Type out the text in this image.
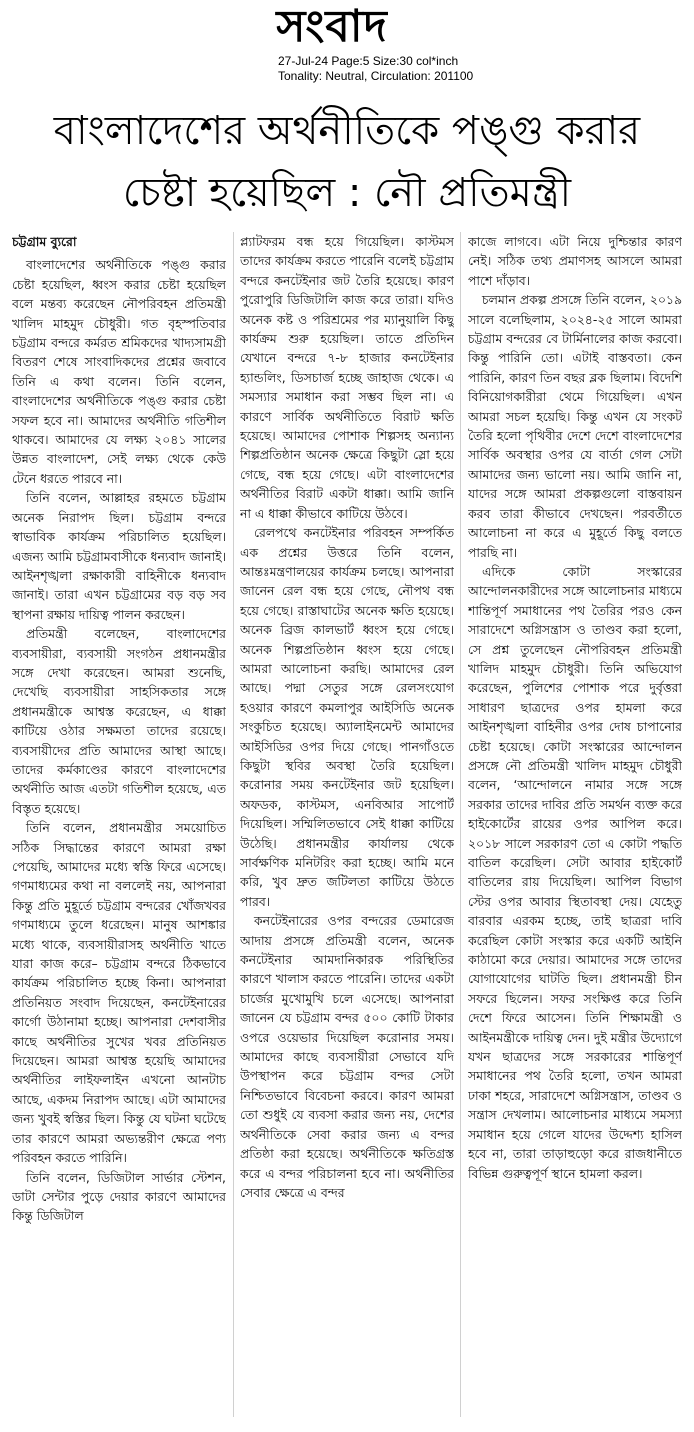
সংবাদ
27-Jul-24 Page:5 Size:30 col*inch
Tonality: Neutral, Circulation: 201100
বাংলাদেশের অর্থনীতিকে পঙ্গু করার
চেষ্টা হয়েছিল : নৌ প্রতিমন্ত্রী

চট্টগ্রাম ব্যুরো

বাংলাদেশের অর্থনীতিকে পঙ্গু করার চেষ্টা হয়েছিল, ধ্বংস করার চেষ্টা হয়েছিল বলে মন্তব্য করেছেন নৌপরিবহন প্রতিমন্ত্রী খালিদ মাহমুদ চৌধুরী। গত বৃহস্পতিবার চট্টগ্রাম বন্দরে কর্মরত শ্রমিকদের খাদ্যসামগ্রী বিতরণ শেষে সাংবাদিকদের প্রশ্নের জবাবে তিনি এ কথা বলেন। তিনি বলেন, বাংলাদেশের অর্থনীতিকে পঙ্গু করার চেষ্টা সফল হবে না। আমাদের অর্থনীতি গতিশীল থাকবে। আমাদের যে লক্ষ্য ২০৪১ সালের উন্নত বাংলাদেশ, সেই লক্ষ্য থেকে কেউ টেনে ধরতে পারবে না।

তিনি বলেন, আল্লাহর রহমতে চট্টগ্রাম অনেক নিরাপদ ছিল। চট্টগ্রাম বন্দরে স্বাভাবিক কার্যক্রম পরিচালিত হয়েছিল। এজন্য আমি চট্টগ্রামবাসীকে ধন্যবাদ জানাই। আইনশৃঙ্খলা রক্ষাকারী বাহিনীকে ধন্যবাদ জানাই। তারা এখন চট্টগ্রামের বড় বড় সব স্থাপনা রক্ষায় দায়িত্ব পালন করছেন।

প্রতিমন্ত্রী বলেছেন, বাংলাদেশের ব্যবসায়ীরা, ব্যবসায়ী সংগঠন প্রধানমন্ত্রীর সঙ্গে দেখা করেছেন। আমরা শুনেছি, দেখেছি ব্যবসায়ীরা সাহসিকতার সঙ্গে প্রধানমন্ত্রীকে আশ্বস্ত করেছেন, এ ধাক্কা কাটিয়ে ওঠার সক্ষমতা তাদের রয়েছে। ব্যবসায়ীদের প্রতি আমাদের আস্থা আছে। তাদের কর্মকাণ্ডের কারণে বাংলাদেশের অর্থনীতি আজ এতটা গতিশীল হয়েছে, এত বিস্তৃত হয়েছে।

তিনি বলেন, প্রধানমন্ত্রীর সময়োচিত সঠিক সিদ্ধান্তের কারণে আমরা রক্ষা পেয়েছি, আমাদের মধ্যে স্বস্তি ফিরে এসেছে। গণমাধ্যমের কথা না বললেই নয়, আপনারা কিন্তু প্রতি মুহূর্তে চট্টগ্রাম বন্দরের খোঁজখবর গণমাধ্যমে তুলে ধরেছেন। মানুষ আশঙ্কার মধ্যে থাকে, ব্যবসায়ীরাসহ অর্থনীতি খাতে যারা কাজ করে– চট্টগ্রাম বন্দরে ঠিকভাবে কার্যক্রম পরিচালিত হচ্ছে কিনা। আপনারা প্রতিনিয়ত সংবাদ দিয়েছেন, কনটেইনারের কার্গো উঠানামা হচ্ছে। আপনারা দেশবাসীর কাছে অর্থনীতির সুখের খবর প্রতিনিয়ত দিয়েছেন। আমরা আশ্বস্ত হয়েছি আমাদের অর্থনীতির লাইফলাইন এখনো আনটাচ আছে, একদম নিরাপদ আছে। এটা আমাদের জন্য খুবই স্বস্তির ছিল। কিন্তু যে ঘটনা ঘটেছে তার কারণে আমরা অভ্যন্তরীণ ক্ষেত্রে পণ্য পরিবহন করতে পারিনি।

তিনি বলেন, ডিজিটাল সার্ভার স্টেশন, ডাটা সেন্টার পুড়ে দেয়ার কারণে আমাদের কিন্তু ডিজিটাল

প্ল্যাটফরম বন্ধ হয়ে গিয়েছিল। কাস্টমস তাদের কার্যক্রম করতে পারেনি বলেই চট্টগ্রাম বন্দরে কনটেইনার জট তৈরি হয়েছে। কারণ পুরোপুরি ডিজিটালি কাজ করে তারা। যদিও অনেক কষ্ট ও পরিশ্রমের পর ম্যানুয়ালি কিছু কার্যক্রম শুরু হয়েছিল। তাতে প্রতিদিন যেখানে বন্দরে ৭-৮ হাজার কনটেইনার হ্যান্ডলিং, ডিসচার্জ হচ্ছে জাহাজ থেকে। এ সমস্যার সমাধান করা সম্ভব ছিল না। এ কারণে সার্বিক অর্থনীতিতে বিরাট ক্ষতি হয়েছে। আমাদের পোশাক শিল্পসহ অন্যান্য শিল্পপ্রতিষ্ঠান অনেক ক্ষেত্রে কিছুটা স্লো হয়ে গেছে, বন্ধ হয়ে গেছে। এটা বাংলাদেশের অর্থনীতির বিরাট একটা ধাক্কা। আমি জানি না এ ধাক্কা কীভাবে কাটিয়ে উঠবে।

রেলপথে কনটেইনার পরিবহন সম্পর্কিত এক প্রশ্নের উত্তরে তিনি বলেন, আন্তঃমন্ত্রণালয়ের কার্যক্রম চলছে। আপনারা জানেন রেল বন্ধ হয়ে গেছে, নৌপথ বন্ধ হয়ে গেছে। রাস্তাঘাটের অনেক ক্ষতি হয়েছে। অনেক ব্রিজ কালভার্ট ধ্বংস হয়ে গেছে। অনেক শিল্পপ্রতিষ্ঠান ধ্বংস হয়ে গেছে। আমরা আলোচনা করছি। আমাদের রেল আছে। পদ্মা সেতুর সঙ্গে রেলসংযোগ হওয়ার কারণে কমলাপুর আইসিডি অনেক সংকুচিত হয়েছে। অ্যালাইনমেন্ট আমাদের আইসিডির ওপর দিয়ে গেছে। পানগাঁওতে কিছুটা স্থবির অবস্থা তৈরি হয়েছিল। করোনার সময় কনটেইনার জট হয়েছিল। অফডক, কাস্টমস, এনবিআর সাপোর্ট দিয়েছিল। সম্মিলিতভাবে সেই ধাক্কা কাটিয়ে উঠেছি। প্রধানমন্ত্রীর কার্যালয় থেকে সার্বক্ষণিক মনিটরিং করা হচ্ছে। আমি মনে করি, খুব দ্রুত জটিলতা কাটিয়ে উঠতে পারব।

কনটেইনারের ওপর বন্দরের ডেমারেজ আদায় প্রসঙ্গে প্রতিমন্ত্রী বলেন, অনেক কনটেইনার আমদানিকারক পরিস্থিতির কারণে খালাস করতে পারেনি। তাদের একটা চার্জের মুখোমুখি চলে এসেছে। আপনারা জানেন যে চট্টগ্রাম বন্দর ৫০০ কোটি টাকার ওপরে ওয়েভার দিয়েছিল করোনার সময়। আমাদের কাছে ব্যবসায়ীরা সেভাবে যদি উপস্থাপন করে চট্টগ্রাম বন্দর সেটা নিশ্চিতভাবে বিবেচনা করবে। কারণ আমরা তো শুধুই যে ব্যবসা করার জন্য নয়, দেশের অর্থনীতিকে সেবা করার জন্য এ বন্দর প্রতিষ্ঠা করা হয়েছে। অর্থনীতিকে ক্ষতিগ্রস্ত করে এ বন্দর পরিচালনা হবে না। অর্থনীতির সেবার ক্ষেত্রে এ বন্দর

কাজে লাগবে। এটা নিয়ে দুশ্চিন্তার কারণ নেই। সঠিক তথ্য প্রমাণসহ আসলে আমরা পাশে দাঁড়াব।

চলমান প্রকল্প প্রসঙ্গে তিনি বলেন, ২০১৯ সালে বলেছিলাম, ২০২৪-২৫ সালে আমরা চট্টগ্রাম বন্দরের বে টার্মিনালের কাজ করবো। কিন্তু পারিনি তো। এটাই বাস্তবতা। কেন পারিনি, কারণ তিন বছর ব্লক ছিলাম। বিদেশি বিনিয়োগকারীরা থেমে গিয়েছিল। এখন আমরা সচল হয়েছি। কিন্তু এখন যে সংকট তৈরি হলো পৃথিবীর দেশে দেশে বাংলাদেশের সার্বিক অবস্থার ওপর যে বার্তা গেল সেটা আমাদের জন্য ভালো নয়। আমি জানি না, যাদের সঙ্গে আমরা প্রকল্পগুলো বাস্তবায়ন করব তারা কীভাবে দেখছেন। পরবর্তীতে আলোচনা না করে এ মুহূর্তে কিছু বলতে পারছি না।

এদিকে কোটা সংস্কারের আন্দোলনকারীদের সঙ্গে আলোচনার মাধ্যমে শান্তিপূর্ণ সমাধানের পথ তৈরির পরও কেন সারাদেশে অগ্নিসন্ত্রাস ও তাণ্ডব করা হলো, সে প্রশ্ন তুলেছেন নৌপরিবহন প্রতিমন্ত্রী খালিদ মাহমুদ চৌধুরী। তিনি অভিযোগ করেছেন, পুলিশের পোশাক পরে দুর্বৃত্তরা সাধারণ ছাত্রদের ওপর হামলা করে আইনশৃঙ্খলা বাহিনীর ওপর দোষ চাপানোর চেষ্টা হয়েছে। কোটা সংস্কারের আন্দোলন প্রসঙ্গে নৌ প্রতিমন্ত্রী খালিদ মাহমুদ চৌধুরী বলেন, ‘আন্দোলনে নামার সঙ্গে সঙ্গে সরকার তাদের দাবির প্রতি সমর্থন ব্যক্ত করে হাইকোর্টের রায়ের ওপর আপিল করে। ২০১৮ সালে সরকারণ তো এ কোটা পদ্ধতি বাতিল করেছিল। সেটা আবার হাইকোর্ট বাতিলের রায় দিয়েছিল। আপিল বিভাগ স্টের ওপর আবার স্থিতাবস্থা দেয়। যেহেতু বারবার এরকম হচ্ছে, তাই ছাত্ররা দাবি করেছিল কোটা সংস্কার করে একটি আইনি কাঠামো করে দেয়ার। আমাদের সঙ্গে তাদের যোগাযোগের ঘাটতি ছিল। প্রধানমন্ত্রী চীন সফরে ছিলেন। সফর সংক্ষিপ্ত করে তিনি দেশে ফিরে আসেন। তিনি শিক্ষামন্ত্রী ও আইনমন্ত্রীকে দায়িত্ব দেন। দুই মন্ত্রীর উদ্যোগে যখন ছাত্রদের সঙ্গে সরকারের শান্তিপূর্ণ সমাধানের পথ তৈরি হলো, তখন আমরা ঢাকা শহরে, সারাদেশে অগ্নিসন্ত্রাস, তাণ্ডব ও সন্ত্রাস দেখলাম। আলোচনার মাধ্যমে সমস্যা সমাধান হয়ে গেলে যাদের উদ্দেশ্য হাসিল হবে না, তারা তাড়াহুড়ো করে রাজধানীতে বিভিন্ন গুরুত্বপূর্ণ স্থানে হামলা করল।
